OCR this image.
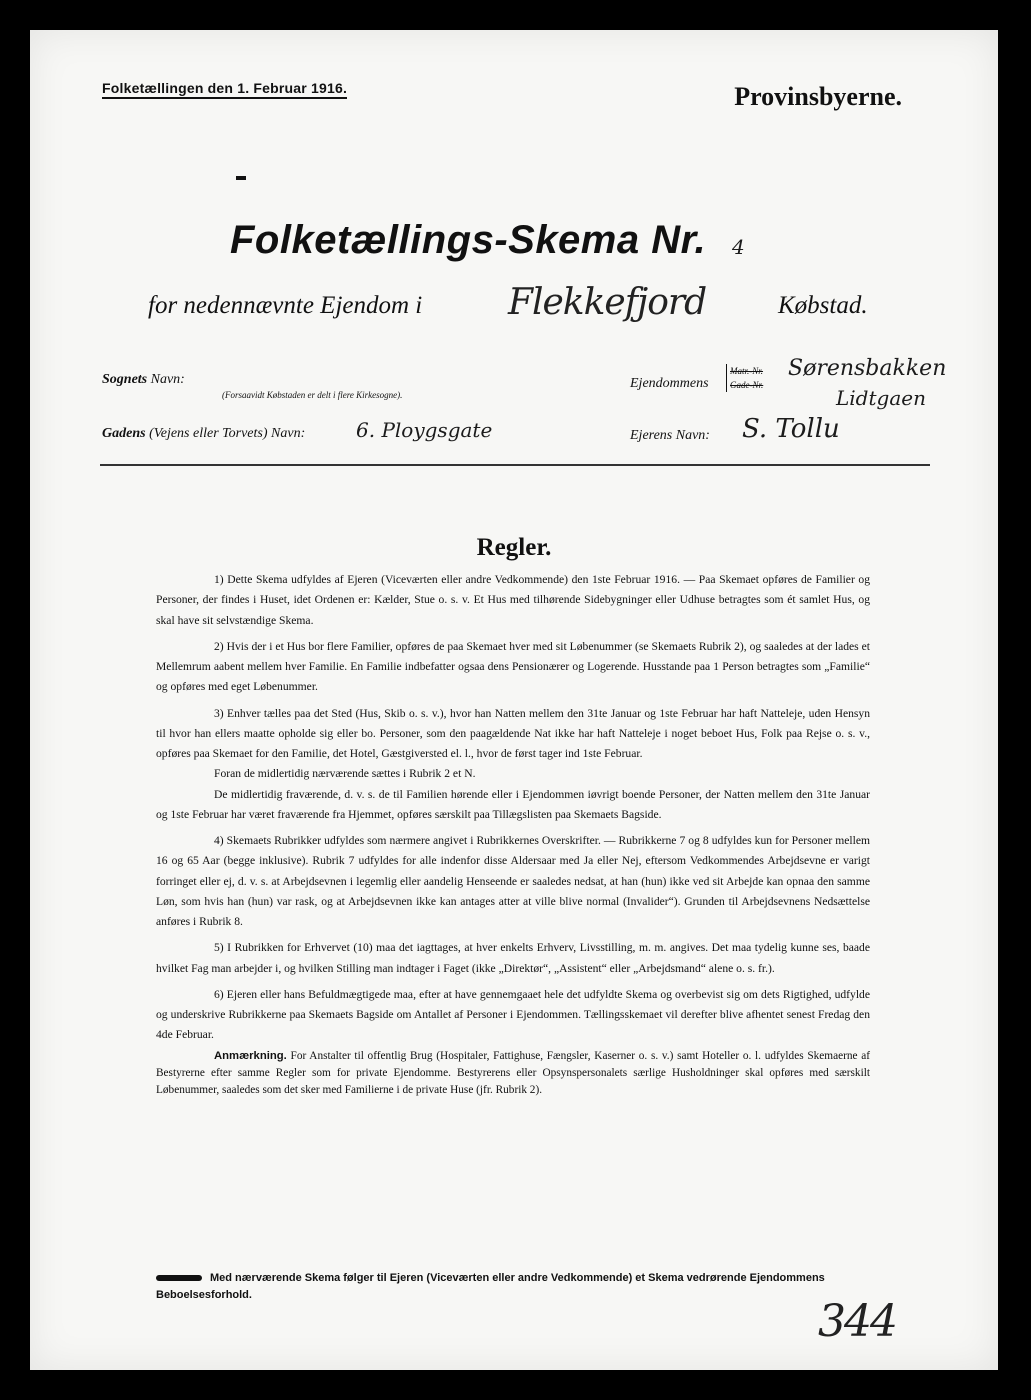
Folketællingen den 1. Februar 1916.	Provinsbyerne.
Folketællings-Skema Nr. 4
for nedennævnte Ejendom i Flekkefjord	Købstad.
Sognets Navn:
(Forsaavidt Købstaden er delt i flere Kirkesogne).
Gadens (Vejens eller Torvets) Navn:	6. Ploygsgate
Ejendommens
Matr.-Nr.
Gade-Nr.
Sørensbakken
Lidtgaen
Ejerens Navn: S. Tollu
Regler.

1) Dette Skema udfyldes af Ejeren (Viceværten eller andre Vedkommende) den 1ste Februar 1916. — Paa Skemaet opføres de Familier og Personer, der findes i Huset, idet Ordenen er: Kælder, Stue o. s. v. Et Hus med tilhørende Sidebygninger eller Udhuse betragtes som ét samlet Hus, og skal have sit selvstændige Skema.

2) Hvis der i et Hus bor flere Familier, opføres de paa Skemaet hver med sit Løbenummer (se Skemaets Rubrik 2), og saaledes at der lades et Mellemrum aabent mellem hver Familie. En Familie indbefatter ogsaa dens Pensionærer og Logerende. Husstande paa 1 Person betragtes som „Familie“ og opføres med eget Løbenummer.

3) Enhver tælles paa det Sted (Hus, Skib o. s. v.), hvor han Natten mellem den 31te Januar og 1ste Februar har haft Natteleje, uden Hensyn til hvor han ellers maatte opholde sig eller bo. Personer, som den paagældende Nat ikke har haft Natteleje i noget beboet Hus, Folk paa Rejse o. s. v., opføres paa Skemaet for den Familie, det Hotel, Gæstgiversted el. l., hvor de først tager ind 1ste Februar.

Foran de midlertidig nærværende sættes i Rubrik 2 et N.

De midlertidig fraværende, d. v. s. de til Familien hørende eller i Ejendommen iøvrigt boende Personer, der Natten mellem den 31te Januar og 1ste Februar har været fraværende fra Hjemmet, opføres særskilt paa Tillægslisten paa Skemaets Bagside.

4) Skemaets Rubrikker udfyldes som nærmere angivet i Rubrikkernes Overskrifter. — Rubrikkerne 7 og 8 udfyldes kun for Personer mellem 16 og 65 Aar (begge inklusive). Rubrik 7 udfyldes for alle indenfor disse Aldersaar med Ja eller Nej, eftersom Vedkommendes Arbejdsevne er varigt forringet eller ej, d. v. s. at Arbejdsevnen i legemlig eller aandelig Henseende er saaledes nedsat, at han (hun) ikke ved sit Arbejde kan opnaa den samme Løn, som hvis han (hun) var rask, og at Arbejdsevnen ikke kan antages atter at ville blive normal (Invalider“). Grunden til Arbejdsevnens Nedsættelse anføres i Rubrik 8.

5) I Rubrikken for Erhvervet (10) maa det iagttages, at hver enkelts Erhverv, Livsstilling, m. m. angives. Det maa tydelig kunne ses, baade hvilket Fag man arbejder i, og hvilken Stilling man indtager i Faget (ikke „Direktør“, „Assistent“ eller „Arbejdsmand“ alene o. s. fr.).

6) Ejeren eller hans Befuldmægtigede maa, efter at have gennemgaaet hele det udfyldte Skema og overbevist sig om dets Rigtighed, udfylde og underskrive Rubrikkerne paa Skemaets Bagside om Antallet af Personer i Ejendommen. Tællingsskemaet vil derefter blive afhentet senest Fredag den 4de Februar.

Anmærkning. For Anstalter til offentlig Brug (Hospitaler, Fattighuse, Fængsler, Kaserner o. s. v.) samt Hoteller o. l. udfyldes Skemaerne af Bestyrerne efter samme Regler som for private Ejendomme. Bestyrerens eller Opsynspersonalets særlige Husholdninger skal opføres med særskilt Løbenummer, saaledes som det sker med Familierne i de private Huse (jfr. Rubrik 2).

Med nærværende Skema følger til Ejeren (Viceværten eller andre Vedkommende) et Skema vedrørende Ejendommens Beboelsesforhold.
344
